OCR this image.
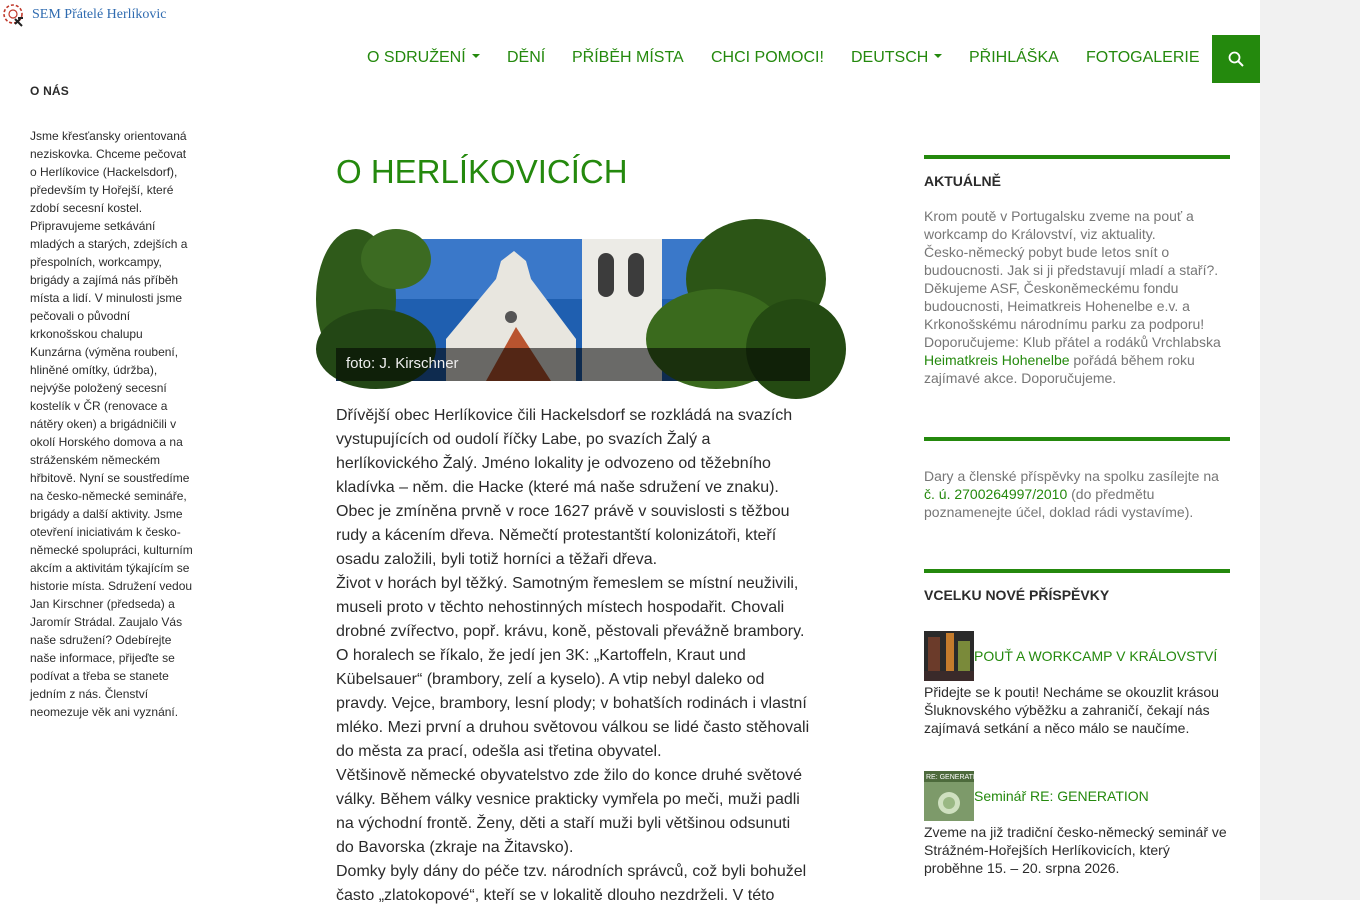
SEM Přátelé Herlíkovic
O SDRUŽENÍ	DĚNÍ PŘÍBĚH MÍSTA CHCI POMOCI! DEUTSCH	PŘIHLÁŠKA FOTOGALERIE
O NÁS
Jsme křesťansky orientovaná neziskovka. Chceme pečovat o Herlíkovice (Hackelsdorf), především ty Hořejší, které zdobí secesní kostel. Připravujeme setkávání mladých a starých, zdejších a přespolních, workcampy, brigády a zajímá nás příběh místa a lidí. V minulosti jsme pečovali o původní krkonošskou chalupu Kunzárna (výměna roubení, hliněné omítky, údržba), nejvýše položený secesní kostelík v ČR (renovace a nátěry oken) a brigádničili v okolí Horského domova a na stráženském německém hřbitově. Nyní se soustředíme na česko-německé semináře, brigády a další aktivity. Jsme otevření iniciativám k česko-německé spolupráci, kulturním akcím a aktivitám týkajícím se historie místa. Sdružení vedou Jan Kirschner (předseda) a Jaromír Strádal. Zaujalo Vás naše sdružení? Odebírejte naše informace, přijeďte se podívat a třeba se stanete jedním z nás. Členství neomezuje věk ani vyznání.
O HERLÍKOVICÍCH
foto: J. Kirschner

Dřívější obec Herlíkovice čili Hackelsdorf se rozkládá na svazích vystupujících od oudolí říčky Labe, po svazích Žalý a herlíkovického Žalý. Jméno lokality je odvozeno od těžebního kladívka – něm. die Hacke (které má naše sdružení ve znaku). Obec je zmíněna prvně v roce 1627 právě v souvislosti s těžbou rudy a kácením dřeva. Němečtí protestantští kolonizátoři, kteří osadu založili, byli totiž horníci a těžaři dřeva.

Život v horách byl těžký. Samotným řemeslem se místní neuživili, museli proto v těchto nehostinných místech hospodařit. Chovali drobné zvířectvo, popř. krávu, koně, pěstovali převážně brambory. O horalech se říkalo, že jedí jen 3K: „Kartoffeln, Kraut und Kübelsauer“ (brambory, zelí a kyselo). A vtip nebyl daleko od pravdy. Vejce, brambory, lesní plody; v bohatších rodinách i vlastní mléko. Mezi první a druhou světovou válkou se lidé často stěhovali do města za prací, odešla asi třetina obyvatel.

Většinově německé obyvatelstvo zde žilo do konce druhé světové války. Během války vesnice prakticky vymřela po meči, muži padli na východní frontě. Ženy, děti a staří muži byli většinou odsunuti do Bavorska (zkraje na Žitavsko).

Domky byly dány do péče tzv. národních správců, což byli bohužel často „zlatokopové“, kteří se v lokalitě dlouho nezdrželi. V této

AKTUÁLNĚ
Krom poutě v Portugalsku zveme na pouť a workcamp do Království, viz aktuality.
Česko-německý pobyt bude letos snít o budoucnosti. Jak si ji představují mladí a staří?. Děkujeme ASF, Českoněmeckému fondu budoucnosti, Heimatkreis Hohenelbe e.v. a Krkonošskému národnímu parku za podporu!
Doporučujeme: Klub přátel a rodáků Vrchlabska
Heimatkreis Hohenelbe pořádá během roku zajímavé akce. Doporučujeme.
Dary a členské příspěvky na spolku zasílejte na č. ú. 2700264997/2010 (do předmětu poznamenejte účel, doklad rádi vystavíme).
VCELKU NOVÉ PŘÍSPĚVKY
POUŤ A WORKCAMP V KRÁLOVSTVÍ
Přidejte se k pouti! Necháme se okouzlit krásou Šluknovského výběžku a zahraničí, čekají nás zajímavá setkání a něco málo se naučíme.
RE: GENERATION
Seminář RE: GENERATION
Zveme na již tradiční česko-německý seminář ve Strážném-Hořejších Herlíkovicích, který proběhne 15. – 20. srpna 2026.
